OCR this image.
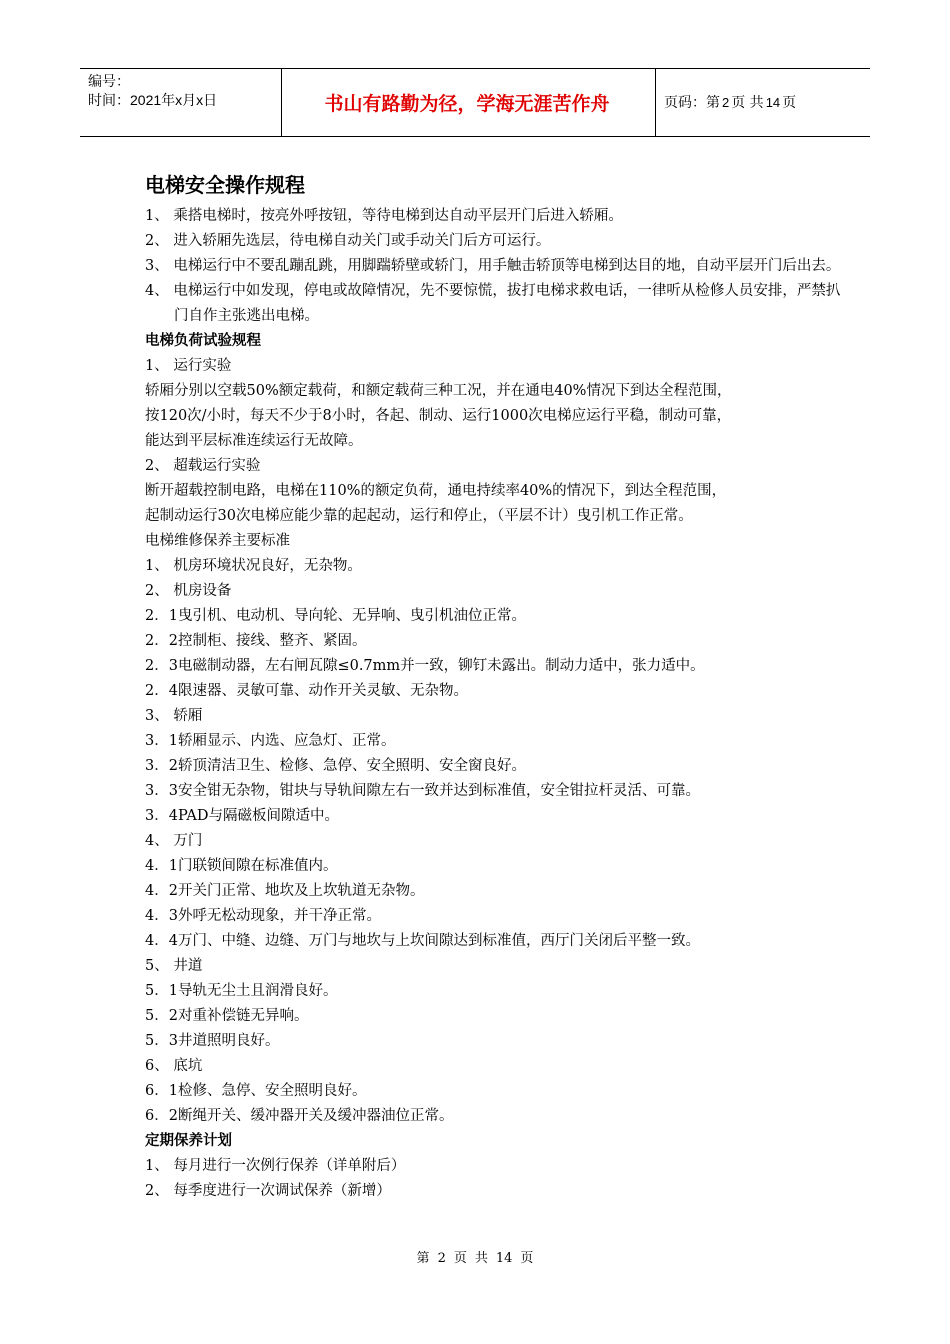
编号：
时间：2021年x月x日	书山有路勤为径，学海无涯苦作舟	页码：第 2 页 共 14 页
电梯安全操作规程
1、 乘搭电梯时，按亮外呼按钮，等待电梯到达自动平层开门后进入轿厢。
2、 进入轿厢先选层，待电梯自动关门或手动关门后方可运行。
3、 电梯运行中不要乱蹦乱跳，用脚踹轿壁或轿门，用手触击轿顶等电梯到达目的地，自动平层开门后出去。
4、 电梯运行中如发现，停电或故障情况，先不要惊慌，拔打电梯求救电话，一律听从检修人员安排，严禁扒门自作主张逃出电梯。
电梯负荷试验规程
1、 运行实验
轿厢分别以空载50%额定载荷，和额定载荷三种工况，并在通电40%情况下到达全程范围，
按120次/小时，每天不少于8小时，各起、制动、运行1000次电梯应运行平稳，制动可靠，
能达到平层标准连续运行无故障。
2、 超载运行实验
断开超载控制电路，电梯在110%的额定负荷，通电持续率40%的情况下，到达全程范围，
起制动运行30次电梯应能少靠的起起动，运行和停止，（平层不计）曳引机工作正常。
电梯维修保养主要标准
1、 机房环境状况良好，无杂物。
2、 机房设备
2．1曳引机、电动机、导向轮、无异响、曳引机油位正常。
2．2控制柜、接线、整齐、紧固。
2．3电磁制动器，左右闸瓦隙≤0.7mm并一致，铆钉未露出。制动力适中，张力适中。
2．4限速器、灵敏可靠、动作开关灵敏、无杂物。
3、 轿厢
3．1轿厢显示、内选、应急灯、正常。
3．2轿顶清洁卫生、检修、急停、安全照明、安全窗良好。
3．3安全钳无杂物，钳块与导轨间隙左右一致并达到标准值，安全钳拉杆灵活、可靠。
3．4PAD与隔磁板间隙适中。
4、 万门
4．1门联锁间隙在标准值内。
4．2开关门正常、地坎及上坎轨道无杂物。
4．3外呼无松动现象，并干净正常。
4．4万门、中缝、边缝、万门与地坎与上坎间隙达到标准值，西厅门关闭后平整一致。
5、 井道
5．1导轨无尘土且润滑良好。
5．2对重补偿链无异响。
5．3井道照明良好。
6、 底坑
6．1检修、急停、安全照明良好。
6．2断绳开关、缓冲器开关及缓冲器油位正常。
定期保养计划
1、 每月进行一次例行保养（详单附后）
2、 每季度进行一次调试保养（新增）
第 2 页 共 14 页
